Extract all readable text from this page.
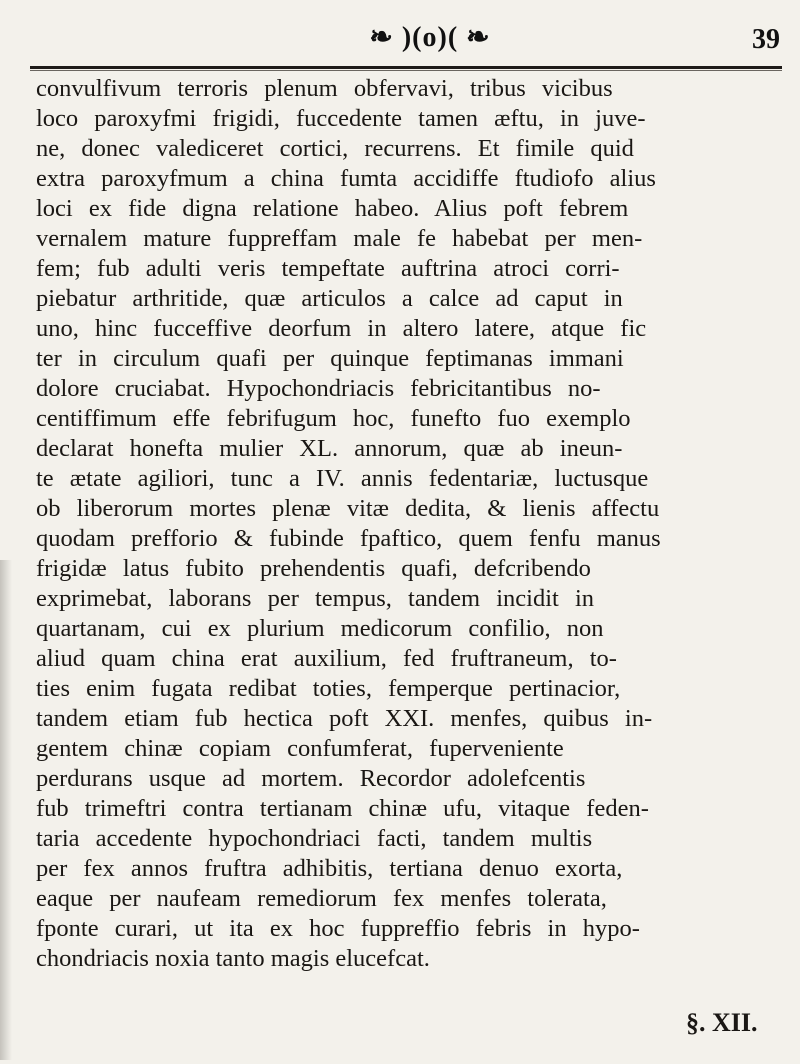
❧ )(o)( ❧	39
convulfivum terroris plenum obfervavi, tribus vicibus
loco paroxyfmi frigidi, fuccedente tamen æftu, in juve-
ne, donec valediceret cortici, recurrens. Et fimile quid
extra paroxyfmum a china fumta accidiffe ftudiofo alius
loci ex fide digna relatione habeo. Alius poft febrem
vernalem mature fuppreffam male fe habebat per men-
fem; fub adulti veris tempeftate auftrina atroci corri-
piebatur arthritide, quæ articulos a calce ad caput in
uno, hinc fucceffive deorfum in altero latere, atque fic
ter in circulum quafi per quinque feptimanas immani
dolore cruciabat. Hypochondriacis febricitantibus no-
centiffimum effe febrifugum hoc, funefto fuo exemplo
declarat honefta mulier XL. annorum, quæ ab ineun-
te ætate agiliori, tunc a IV. annis fedentariæ, luctusque
ob liberorum mortes plenæ vitæ dedita, & lienis affectu
quodam prefforio & fubinde fpaftico, quem fenfu manus
frigidæ latus fubito prehendentis quafi, defcribendo
exprimebat, laborans per tempus, tandem incidit in
quartanam, cui ex plurium medicorum confilio, non
aliud quam china erat auxilium, fed fruftraneum, to-
ties enim fugata redibat toties, femperque pertinacior,
tandem etiam fub hectica poft XXI. menfes, quibus in-
gentem chinæ copiam confumferat, fuperveniente
perdurans usque ad mortem. Recordor adolefcentis
fub trimeftri contra tertianam chinæ ufu, vitaque feden-
taria accedente hypochondriaci facti, tandem multis
per fex annos fruftra adhibitis, tertiana denuo exorta,
eaque per naufeam remediorum fex menfes tolerata,
fponte curari, ut ita ex hoc fuppreffio febris in hypo-
chondriacis noxia tanto magis elucefcat.
§. XII.
